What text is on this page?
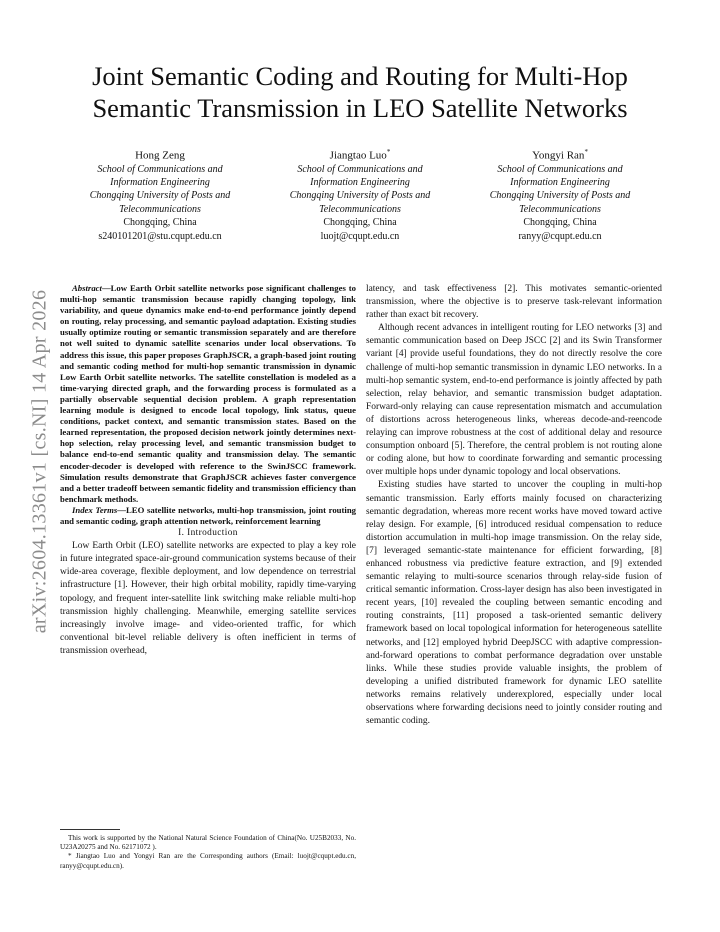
arXiv:2604.13361v1 [cs.NI] 14 Apr 2026
Joint Semantic Coding and Routing for Multi-Hop Semantic Transmission in LEO Satellite Networks
Hong Zeng
School of Communications and
Information Engineering
Chongqing University of Posts and
Telecommunications
Chongqing, China
s240101201@stu.cqupt.edu.cn
Jiangtao Luo*
School of Communications and
Information Engineering
Chongqing University of Posts and
Telecommunications
Chongqing, China
luojt@cqupt.edu.cn
Yongyi Ran*
School of Communications and
Information Engineering
Chongqing University of Posts and
Telecommunications
Chongqing, China
ranyy@cqupt.edu.cn

Abstract—Low Earth Orbit satellite networks pose significant challenges to multi-hop semantic transmission because rapidly changing topology, link variability, and queue dynamics make end-to-end performance jointly depend on routing, relay processing, and semantic payload adaptation. Existing studies usually optimize routing or semantic transmission separately and are therefore not well suited to dynamic satellite scenarios under local observations. To address this issue, this paper proposes GraphJSCR, a graph-based joint routing and semantic coding method for multi-hop semantic transmission in dynamic Low Earth Orbit satellite networks. The satellite constellation is modeled as a time-varying directed graph, and the forwarding process is formulated as a partially observable sequential decision problem. A graph representation learning module is designed to encode local topology, link status, queue conditions, packet context, and semantic transmission states. Based on the learned representation, the proposed decision network jointly determines next-hop selection, relay processing level, and semantic transmission budget to balance end-to-end semantic quality and transmission delay. The semantic encoder-decoder is developed with reference to the SwinJSCC framework. Simulation results demonstrate that GraphJSCR achieves faster convergence and a better tradeoff between semantic fidelity and transmission efficiency than benchmark methods.

Index Terms—LEO satellite networks, multi-hop transmission, joint routing and semantic coding, graph attention network, reinforcement learning

I. Introduction

Low Earth Orbit (LEO) satellite networks are expected to play a key role in future integrated space-air-ground communication systems because of their wide-area coverage, flexible deployment, and low dependence on terrestrial infrastructure [1]. However, their high orbital mobility, rapidly time-varying topology, and frequent inter-satellite link switching make reliable multi-hop transmission highly challenging. Meanwhile, emerging satellite services increasingly involve image- and video-oriented traffic, for which conventional bit-level reliable delivery is often inefficient in terms of transmission overhead,

This work is supported by the National Natural Science Foundation of China(No. U25B2033, No. U23A20275 and No. 62171072 ).

* Jiangtao Luo and Yongyi Ran are the Corresponding authors (Email: luojt@cqupt.edu.cn, ranyy@cqupt.edu.cn).

latency, and task effectiveness [2]. This motivates semantic-oriented transmission, where the objective is to preserve task-relevant information rather than exact bit recovery.

Although recent advances in intelligent routing for LEO networks [3] and semantic communication based on Deep JSCC [2] and its Swin Transformer variant [4] provide useful foundations, they do not directly resolve the core challenge of multi-hop semantic transmission in dynamic LEO networks. In a multi-hop semantic system, end-to-end performance is jointly affected by path selection, relay behavior, and semantic transmission budget adaptation. Forward-only relaying can cause representation mismatch and accumulation of distortions across heterogeneous links, whereas decode-and-reencode relaying can improve robustness at the cost of additional delay and resource consumption onboard [5]. Therefore, the central problem is not routing alone or coding alone, but how to coordinate forwarding and semantic processing over multiple hops under dynamic topology and local observations.

Existing studies have started to uncover the coupling in multi-hop semantic transmission. Early efforts mainly focused on characterizing semantic degradation, whereas more recent works have moved toward active relay design. For example, [6] introduced residual compensation to reduce distortion accumulation in multi-hop image transmission. On the relay side, [7] leveraged semantic-state maintenance for efficient forwarding, [8] enhanced robustness via predictive feature extraction, and [9] extended semantic relaying to multi-source scenarios through relay-side fusion of critical semantic information. Cross-layer design has also been investigated in recent years, [10] revealed the coupling between semantic encoding and routing constraints, [11] proposed a task-oriented semantic delivery framework based on local topological information for heterogeneous satellite networks, and [12] employed hybrid DeepJSCC with adaptive compression-and-forward operations to combat performance degradation over unstable links. While these studies provide valuable insights, the problem of developing a unified distributed framework for dynamic LEO satellite networks remains relatively underexplored, especially under local observations where forwarding decisions need to jointly consider routing and semantic coding.
